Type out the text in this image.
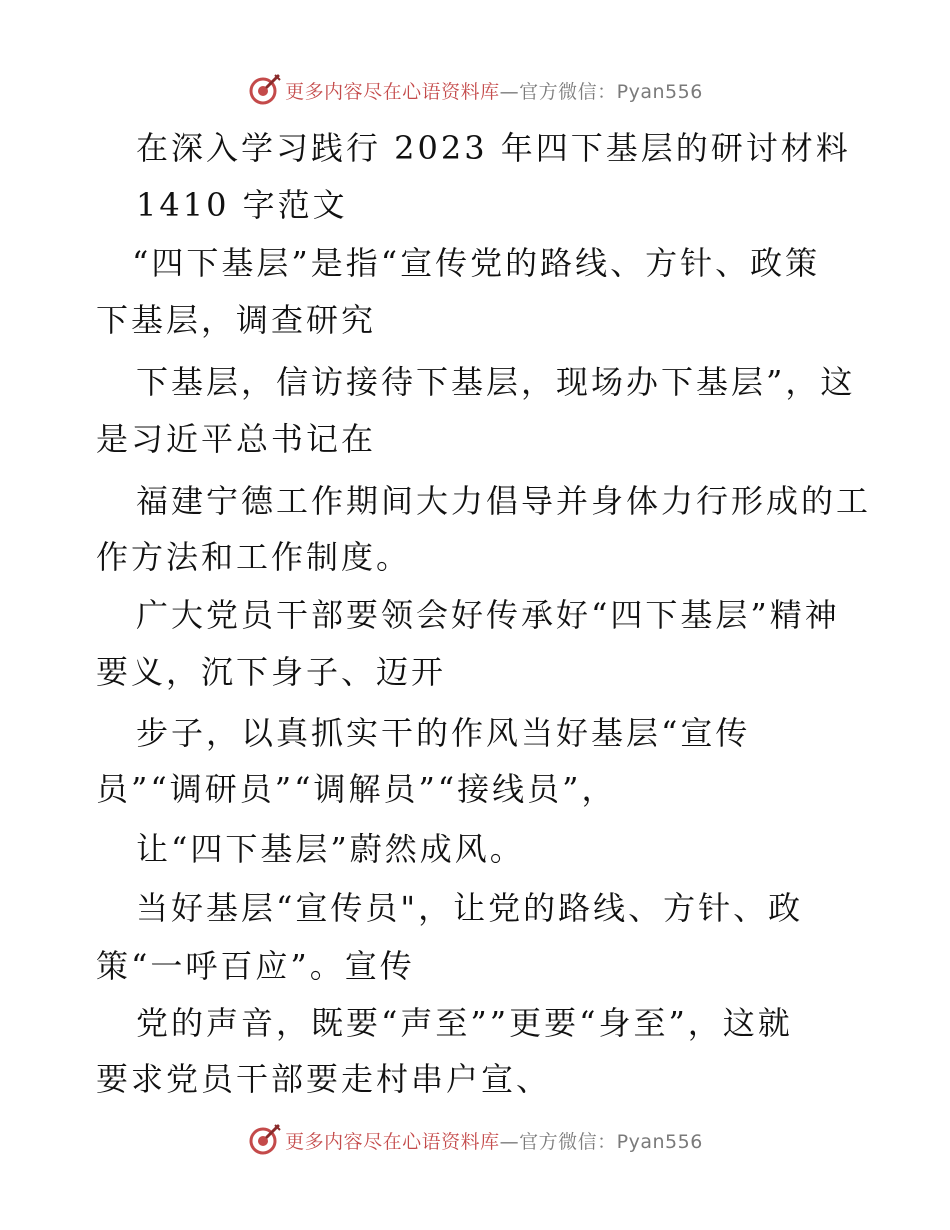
更多内容尽在心语资料库—官方微信：Pyan556
在深入学习践行 2023 年四下基层的研讨材料
1410 字范文
“四下基层”是指“宣传党的路线、方针、政策
下基层，调查研究
下基层，信访接待下基层，现场办下基层”，这
是习近平总书记在
福建宁德工作期间大力倡导并身体力行形成的工
作方法和工作制度。
广大党员干部要领会好传承好“四下基层”精神
要义，沉下身子、迈开
步子，以真抓实干的作风当好基层“宣传
员”“调研员”“调解员”“接线员”，
让“四下基层”蔚然成风。
当好基层“宣传员"，让党的路线、方针、政
策“一呼百应”。宣传
党的声音，既要“声至””更要“身至”，这就
要求党员干部要走村串户宣、
更多内容尽在心语资料库—官方微信：Pyan556
